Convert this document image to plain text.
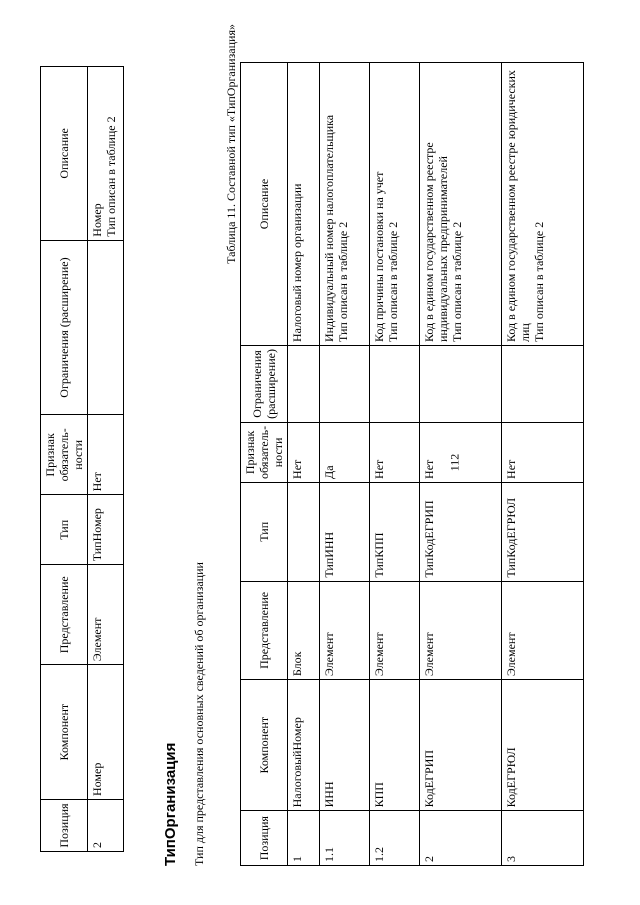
112
Позиция	Компонент	Представление	Тип	Признак обязатель- ности	Ограничения (расширение)	Описание
2	Номер	Элемент	ТипНомер	Нет		Номер
Тип описан в таблице 2
ТипОрганизация Тип для представления основных сведений об организации
Таблица 11. Составной тип «ТипОрганизация»
Позиция	Компонент	Представление	Тип	Признак обязатель- ности	Ограничения (расширение)	Описание
1	НалоговыйНомер	Блок		Нет		Налоговый номер организации
1.1	ИНН	Элемент	ТипИНН	Да		Индивидуальный номер налогоплательщика
Тип описан в таблице 2
1.2	КПП	Элемент	ТипКПП	Нет		Код причины постановки на учет
Тип описан в таблице 2
2	КодЕГРИП	Элемент	ТипКодЕГРИП	Нет		Код в едином государственном реестре индивидуальных предпринимателей
Тип описан в таблице 2
3	КодЕГРЮЛ	Элемент	ТипКодЕГРЮЛ	Нет		Код в едином государственном реестре юридических лиц
Тип описан в таблице 2
